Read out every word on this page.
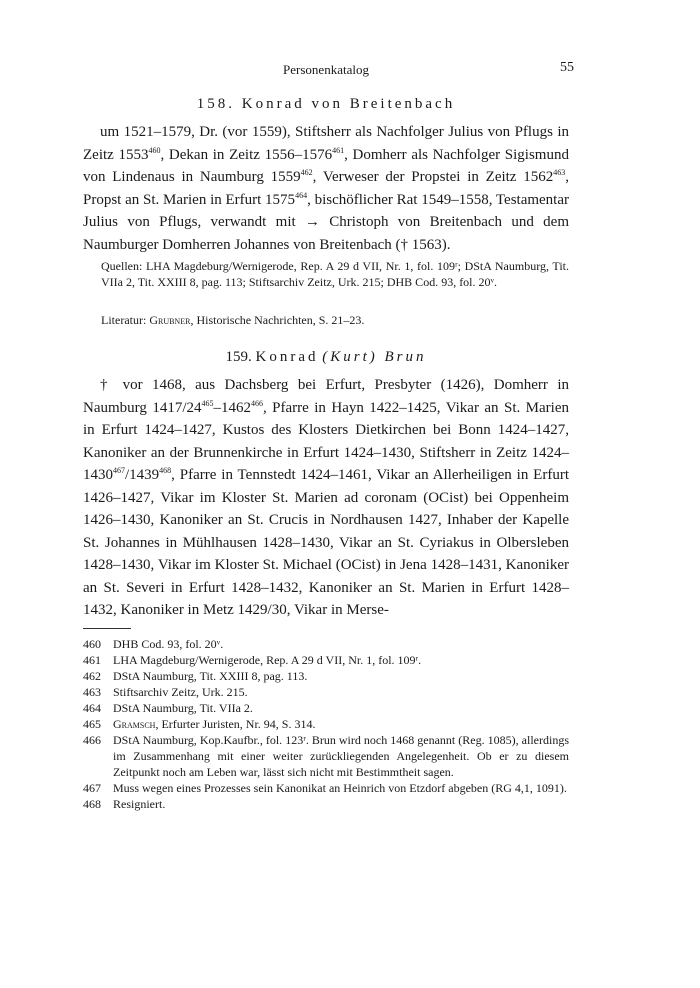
Personenkatalog	55
158. Konrad von Breitenbach

um 1521–1579, Dr. (vor 1559), Stiftsherr als Nachfolger Julius von Pflugs in Zeitz 1553$^{460}$, Dekan in Zeitz 1556–1576$^{461}$, Domherr als Nachfolger Sigismund von Lindenaus in Naumburg 1559$^{462}$, Verweser der Propstei in Zeitz 1562$^{463}$, Propst an St. Marien in Erfurt 1575$^{464}$, bischöflicher Rat 1549–1558, Testamentar Julius von Pflugs, verwandt mit → Christoph von Breitenbach und dem Naumburger Domherren Johannes von Breitenbach († 1563).

Quellen: LHA Magdeburg/Wernigerode, Rep. A 29 d VII, Nr. 1, fol. 109ʳ; DStA Naumburg, Tit. VIIa 2, Tit. XXIII 8, pag. 113; Stiftsarchiv Zeitz, Urk. 215; DHB Cod. 93, fol. 20ᵛ.

Literatur: Grubner, Historische Nachrichten, S. 21–23.

159. Konrad (Kurt) Brun

† vor 1468, aus Dachsberg bei Erfurt, Presbyter (1426), Domherr in Naumburg $1417/24^{465}-1462^{466}$, Pfarre in Hayn 1422–1425, Vikar an St. Marien in Erfurt 1424–1427, Kustos des Klosters Dietkirchen bei Bonn 1424–1427, Kanoniker an der Brunnenkirche in Erfurt 1424–1430, Stiftsherr in Zeitz 1424–1430$^{467}$/1439$^{468}$, Pfarre in Tennstedt 1424–1461, Vikar an Allerheiligen in Erfurt 1426–1427, Vikar im Kloster St. Marien ad coronam (OCist) bei Oppenheim 1426–1430, Kanoniker an St. Crucis in Nordhausen 1427, Inhaber der Kapelle St. Johannes in Mühlhausen 1428–1430, Vikar an St. Cyriakus in Olbersleben 1428–1430, Vikar im Kloster St. Michael (OCist) in Jena 1428–1431, Kanoniker an St. Severi in Erfurt 1428–1432, Kanoniker an St. Marien in Erfurt 1428–1432, Kanoniker in Metz 1429/30, Vikar in Merse-

460	DHB Cod. 93, fol. 20ᵛ.
461	LHA Magdeburg/Wernigerode, Rep. A 29 d VII, Nr. 1, fol. 109ʳ.
462	DStA Naumburg, Tit. XXIII 8, pag. 113.
463	Stiftsarchiv Zeitz, Urk. 215.
464	DStA Naumburg, Tit. VIIa 2.
465	Gramsch, Erfurter Juristen, Nr. 94, S. 314.
466	DStA Naumburg, Kop.Kaufbr., fol. 123ʳ. Brun wird noch 1468 genannt (Reg. 1085), allerdings im Zusammenhang mit einer weiter zurückliegenden Angelegenheit. Ob er zu diesem Zeitpunkt noch am Leben war, lässt sich nicht mit Bestimmtheit sagen.
467	Muss wegen eines Prozesses sein Kanonikat an Heinrich von Etzdorf abgeben (RG 4,1, 1091).
468	Resigniert.
